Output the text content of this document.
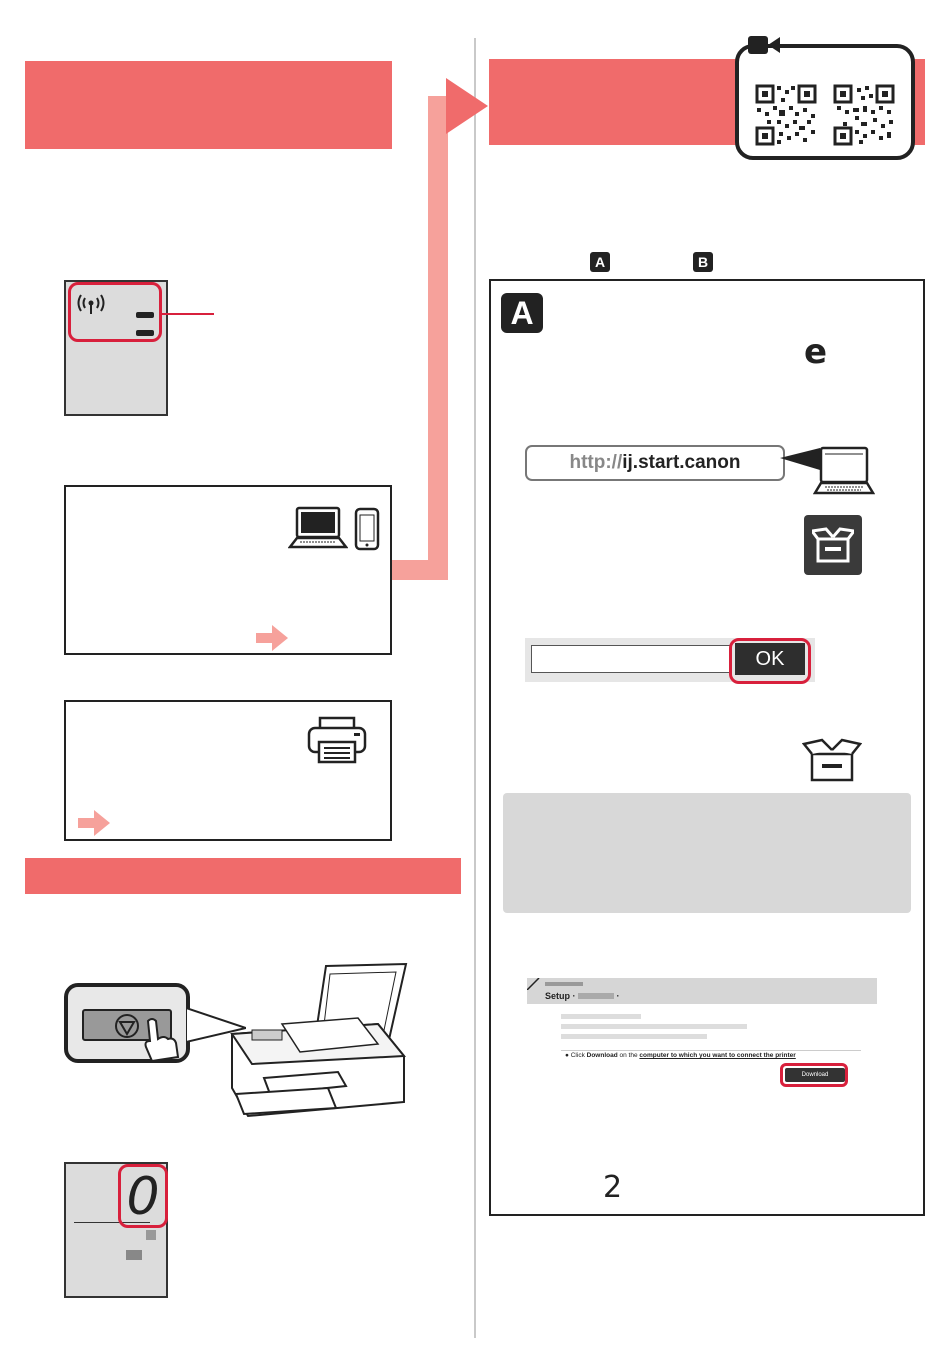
0
A	B
A
e
http://ij.start.canon
OK
Setup ·	·
● Click Download on the computer to which you want to connect the printer
Download
2
